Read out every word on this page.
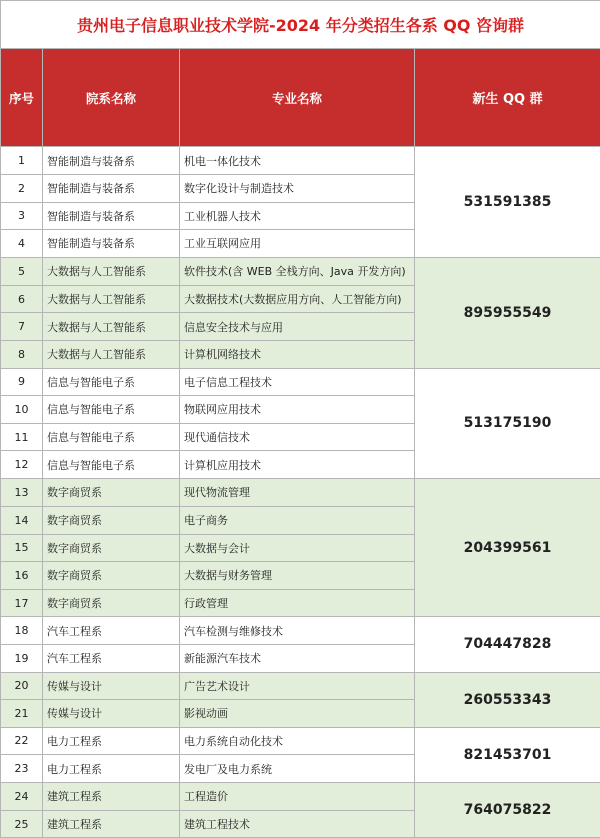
贵州电子信息职业技术学院-2024 年分类招生各系 QQ 咨询群			
序号	院系名称	专业名称	新生 QQ 群
1	智能制造与装备系	机电一体化技术	531591385
2	智能制造与装备系	数字化设计与制造技术	
3	智能制造与装备系	工业机器人技术	
4	智能制造与装备系	工业互联网应用	
5	大数据与人工智能系	软件技术(含 WEB 全栈方向、Java 开发方向)	895955549
6	大数据与人工智能系	大数据技术(大数据应用方向、人工智能方向)	
7	大数据与人工智能系	信息安全技术与应用	
8	大数据与人工智能系	计算机网络技术	
9	信息与智能电子系	电子信息工程技术	513175190
10	信息与智能电子系	物联网应用技术	
11	信息与智能电子系	现代通信技术	
12	信息与智能电子系	计算机应用技术	
13	数字商贸系	现代物流管理	204399561
14	数字商贸系	电子商务	
15	数字商贸系	大数据与会计	
16	数字商贸系	大数据与财务管理	
17	数字商贸系	行政管理	
18	汽车工程系	汽车检测与维修技术	704447828
19	汽车工程系	新能源汽车技术	
20	传媒与设计	广告艺术设计	260553343
21	传媒与设计	影视动画	
22	电力工程系	电力系统自动化技术	821453701
23	电力工程系	发电厂及电力系统	
24	建筑工程系	工程造价	764075822
25	建筑工程系	建筑工程技术	
